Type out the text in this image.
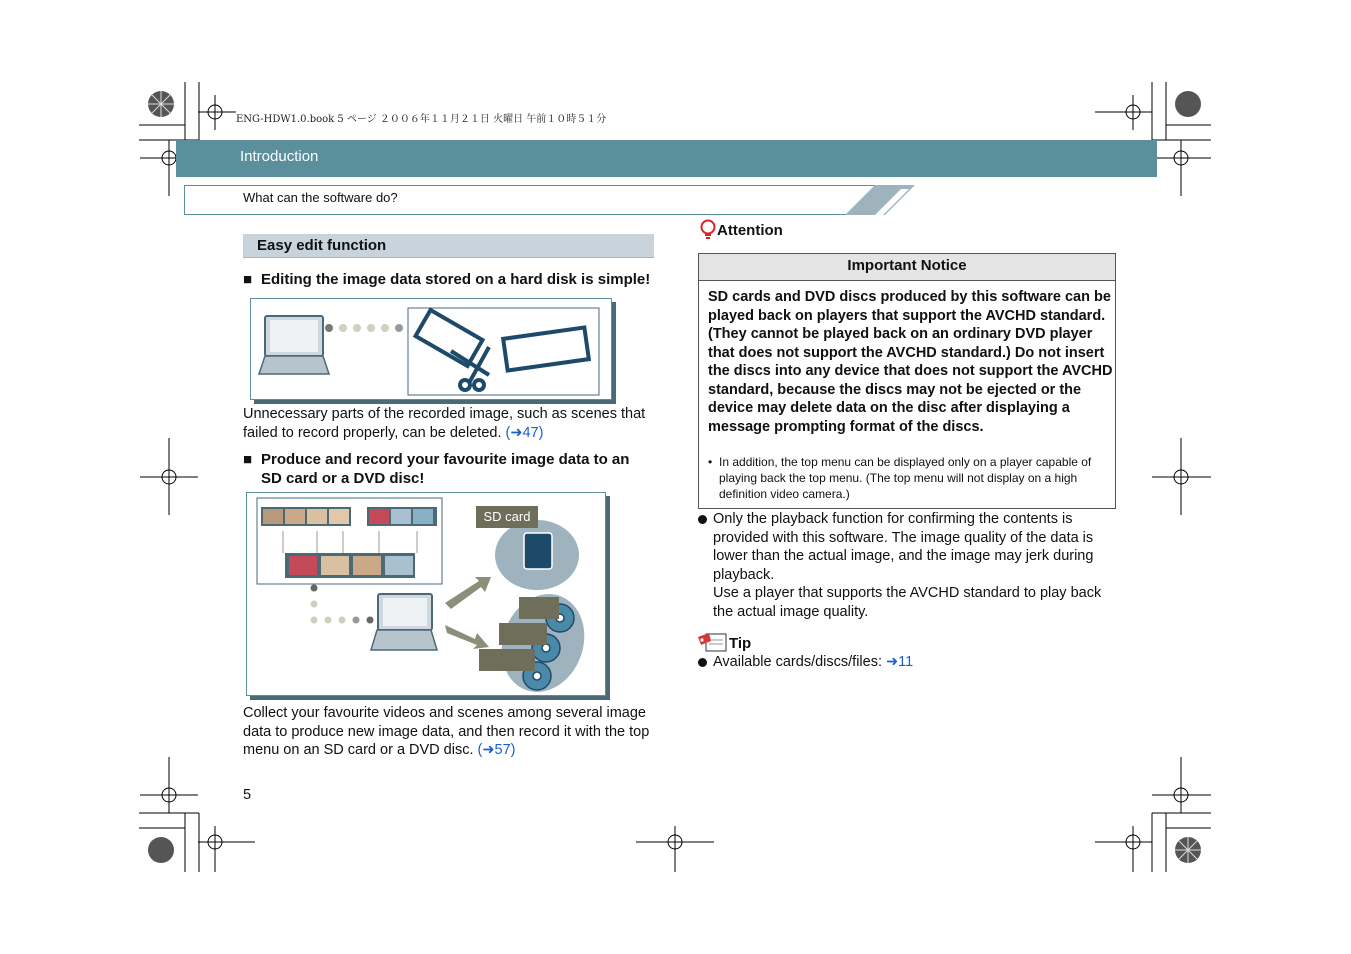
ENG-HDW1.0.book 5 ページ ２００６年１１月２１日 火曜日 午前１０時５１分
Introduction
What can the software do?
Easy edit function
■ Editing the image data stored on a hard disk is simple!
Unnecessary parts of the recorded image, such as scenes that failed to record properly, can be deleted. (➜47)
■ Produce and record your favourite image data to an
SD card or a DVD disc!
SD card
Collect your favourite videos and scenes among several image data to produce new image data, and then record it with the top menu on an SD card or a DVD disc. (➜57)
5
Attention
Important Notice
SD cards and DVD discs produced by this software can be played back on players that support the AVCHD standard. (They cannot be played back on an ordinary DVD player that does not support the AVCHD standard.) Do not insert the discs into any device that does not support the AVCHD standard, because the discs may not be ejected or the device may delete data on the disc after displaying a message prompting format of the discs.
• In addition, the top menu can be displayed only on a player capable of playing back the top menu. (The top menu will not display on a high definition video camera.)
Only the playback function for confirming the contents is provided with this software. The image quality of the data is lower than the actual image, and the image may jerk during playback.
Use a player that supports the AVCHD standard to play back the actual image quality.
Tip
Available cards/discs/files: ➜11
